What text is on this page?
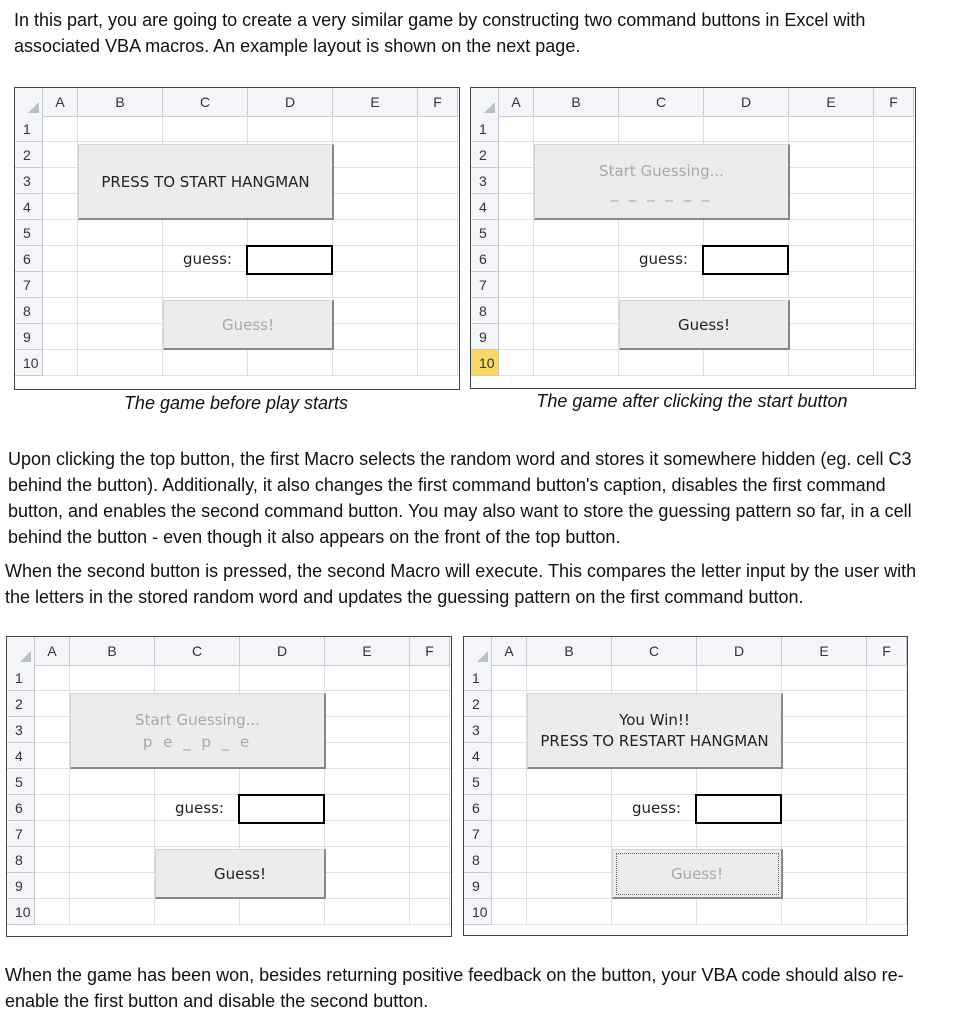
In this part, you are going to create a very similar game by constructing two command buttons in Excel with associated VBA macros. An example layout is shown on the next page.

Upon clicking the top button, the first Macro selects the random word and stores it somewhere hidden (eg. cell C3 behind the button). Additionally, it also changes the first command button's caption, disables the first command button, and enables the second command button. You may also want to store the guessing pattern so far, in a cell behind the button - even though it also appears on the front of the top button.

When the second button is pressed, the second Macro will execute. This compares the letter input by the user with the letters in the stored random word and updates the guessing pattern on the first command button.

When the game has been won, besides returning positive feedback on the button, your VBA code should also re-enable the first button and disable the second button.

A	B	C	D	E	F
1
2
3
4
5
6
7
8
9
10
PRESS TO START HANGMAN
guess:
Guess!
A	B	C	D	E	F
1
2
3
4
5
6
7
8
9
10
Start Guessing...
_ _ _ _ _ _
guess:
Guess!
A	B	C	D	E	F
1
2
3
4
5
6
7
8
9
10
Start Guessing...
p e _ p _ e
guess:
Guess!
A	B	C	D	E	F
1
2
3
4
5
6
7
8
9
10
You Win!!
PRESS TO RESTART HANGMAN
guess:
Guess!
The game before play starts	The game after clicking the start button
